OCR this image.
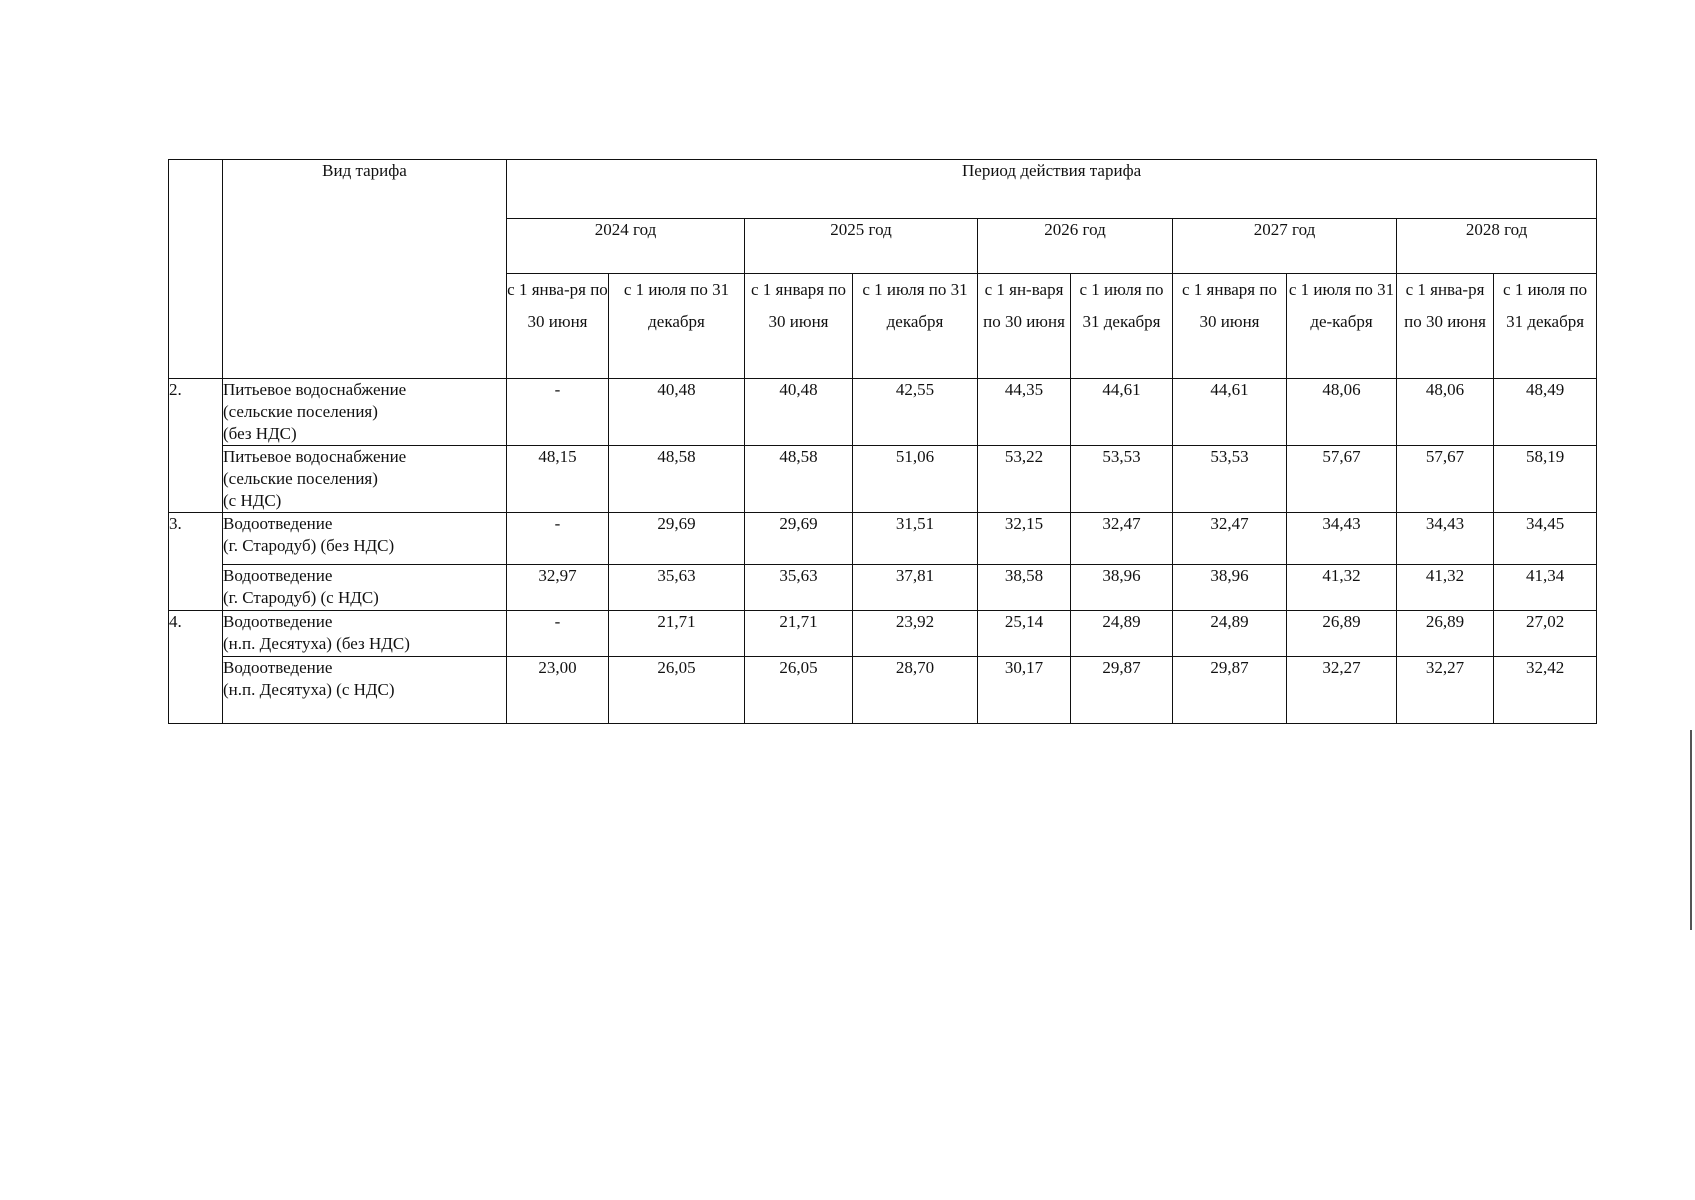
	Вид тарифа	Период действия тарифа									
		2024 год		2025 год		2026 год		2027 год		2028 год	
		с 1 янва-ря по 30 июня	с 1 июля по 31 декабря	с 1 января по 30 июня	с 1 июля по 31 декабря	с 1 ян-варя по 30 июня	с 1 июля по 31 декабря	с 1 января по 30 июня	с 1 июля по 31 де-кабря	с 1 янва-ря по 30 июня	с 1 июля по 31 декабря
2.	Питьевое водоснабжение
(сельские поселения)
(без НДС)	-	40,48	40,48	42,55	44,35	44,61	44,61	48,06	48,06	48,49
	Питьевое водоснабжение
(сельские поселения)
(с НДС)	48,15	48,58	48,58	51,06	53,22	53,53	53,53	57,67	57,67	58,19
3.	Водоотведение
(г. Стародуб) (без НДС)	-	29,69	29,69	31,51	32,15	32,47	32,47	34,43	34,43	34,45
	Водоотведение
(г. Стародуб) (с НДС)	32,97	35,63	35,63	37,81	38,58	38,96	38,96	41,32	41,32	41,34
4.	Водоотведение
(н.п. Десятуха) (без НДС)	-	21,71	21,71	23,92	25,14	24,89	24,89	26,89	26,89	27,02
	Водоотведение
(н.п. Десятуха) (с НДС)	23,00	26,05	26,05	28,70	30,17	29,87	29,87	32,27	32,27	32,42
